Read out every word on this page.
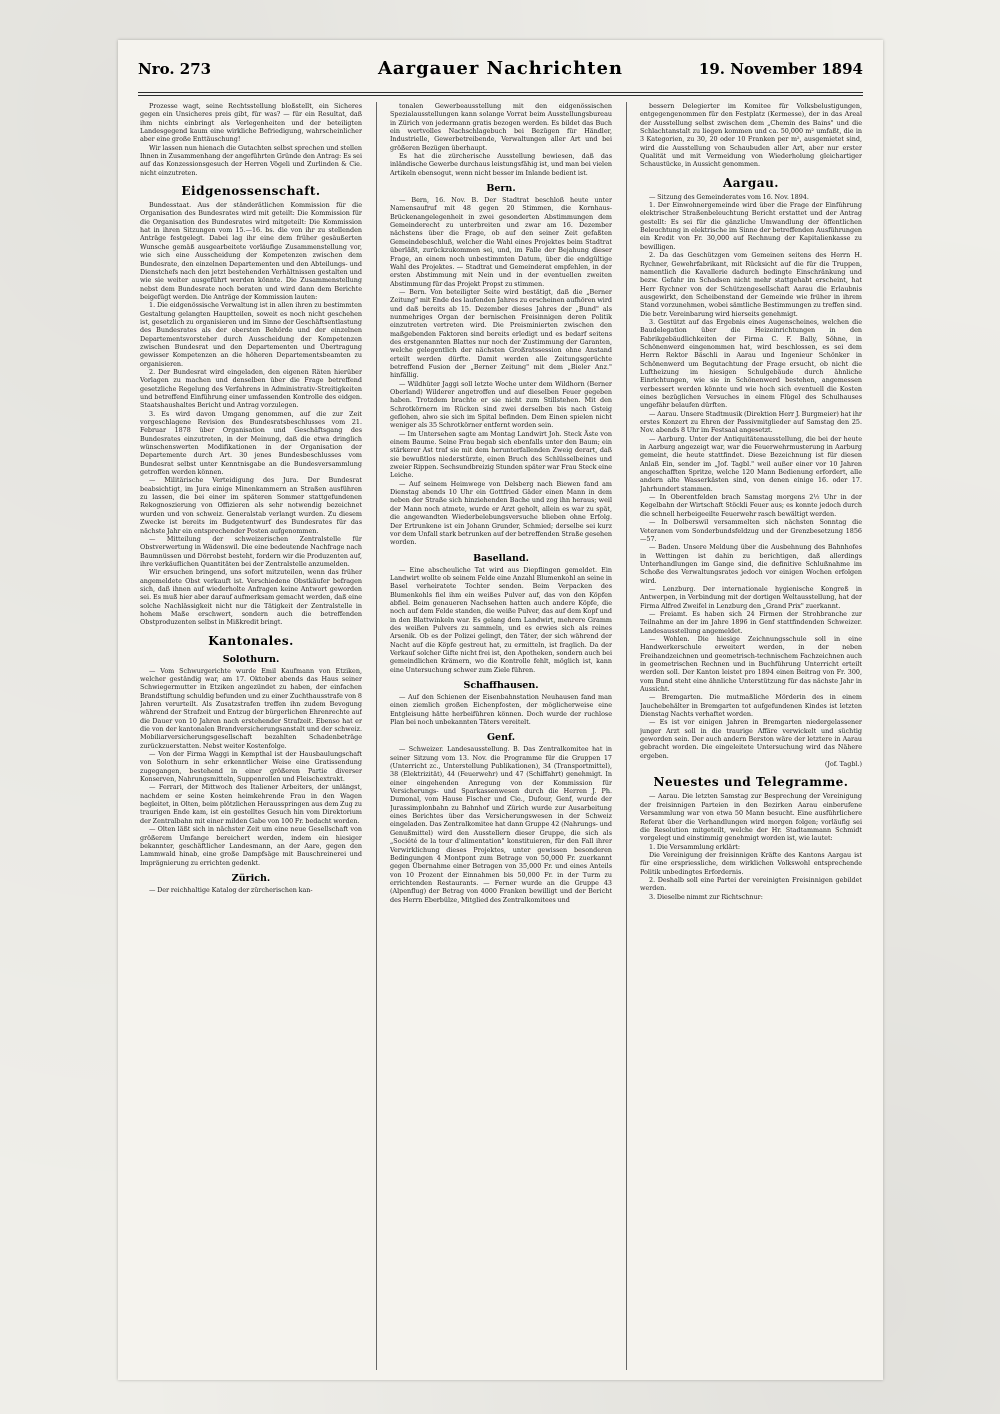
Nro. 273	Aargauer Nachrichten	19. November 1894

Prozesse wagt, seine Rechtsstellung bloßstellt, ein Sicheres gegen ein Unsicheres preis gibt, für was? — für ein Resultat, daß ihm nichts einbringt als Verlegenheiten und der beteiligten Landesgegend kaum eine wirkliche Befriedigung, wahrscheinlicher aber eine große Enttäuschung!

Wir lassen nun hienach die Gutachten selbst sprechen und stellen Ihnen in Zusammenhang der angeführten Gründe den Antrag: Es sei auf das Konzessionsgesuch der Herren Vögeli und Zurlinden & Cie. nicht einzutreten.

Eidgenossenschaft.

Bundesstaat. Aus der ständerätlichen Kommission für die Organisation des Bundesrates wird mit geteilt: Die Kommission für die Organisation des Bundesrates wird mitgeteilt: Die Kommission hat in ihren Sitzungen vom 15.—16. bs. die von ihr zu stellenden Anträge festgelegt. Dabei lag ihr eine dem früher gesäußerten Wunsche gemäß ausgearbeitete vorläufige Zusammenstellung vor, wie sich eine Ausscheidung der Kompetenzen zwischen dem Bundesrate, den einzelnen Departementen und den Abteilungs- und Dienstchefs nach den jetzt bestehenden Verhältnissen gestalten und wie sie weiter ausgeführt werden könnte. Die Zusammenstellung nebst dem Bundesrate noch beraten und wird dann dem Berichte beigefügt werden. Die Anträge der Kommission lauten:

1. Die eidgenössische Verwaltung ist in allen ihren zu bestimmten Gestaltung gelangten Hauptteilen, soweit es noch nicht geschehen ist, gesetzlich zu organisieren und im Sinne der Geschäftsentlastung des Bundesrates als der obersten Behörde und der einzelnen Departementsvorsteher durch Ausscheidung der Kompetenzen zwischen Bundesrat und den Departementen und Übertragung gewisser Kompetenzen an die höheren Departementsbeamten zu organisieren.

2. Der Bundesrat wird eingeladen, den eigenen Räten hierüber Vorlagen zu machen und denselben über die Frage betreffend gesetzliche Regelung des Verfahrens in Administrativ-Streitigkeiten und betreffend Einführung einer umfassenden Kontrolle des eidgen. Staatshaushaltes Bericht und Antrag vorzulegen.

3. Es wird davon Umgang genommen, auf die zur Zeit vorgeschlagene Revision des Bundesratsbeschlusses vom 21. Februar 1878 über Organisation und Geschäftsgang des Bundesrates einzutreten, in der Meinung, daß die etwa dringlich wünschenswerten Modifikationen in der Organisation der Departemente durch Art. 30 jenes Bundesbeschlusses vom Bundesrat selbst unter Kenntnisgabe an die Bundesversammlung getroffen werden können.

— Militärische Verteidigung des Jura. Der Bundesrat beabsichtigt, im Jura einige Minenkammern an Straßen ausführen zu lassen, die bei einer im späteren Sommer stattgefundenen Rekognoszierung von Offizieren als sehr notwendig bezeichnet wurden und von schweiz. Generalstab verlangt wurden. Zu diesem Zwecke ist bereits im Budgetentwurf des Bundesrates für das nächste Jahr ein entsprechender Posten aufgenommen.

— Mitteilung der schweizerischen Zentralstelle für Obstverwertung in Wädenswil. Die eine bedeutende Nachfrage nach Baumnüssen und Dörrobst besteht, fordern wir die Produzenten auf, ihre verkäuflichen Quantitäten bei der Zentralstelle anzumelden.

Wir ersuchen bringend, uns sofort mitzuteilen, wenn das früher angemeldete Obst verkauft ist. Verschiedene Obstkäufer befragen sich, daß ihnen auf wiederholte Anfragen keine Antwort geworden sei. Es muß hier aber darauf aufmerksam gemacht werden, daß eine solche Nachlässigkeit nicht nur die Tätigkeit der Zentralstelle in hohem Maße erschwert, sondern auch die betreffenden Obstproduzenten selbst in Mißkredit bringt.

Kantonales.
Solothurn.

— Vom Schwurgerichte wurde Emil Kaufmann von Etziken, welcher geständig war, am 17. Oktober abends das Haus seiner Schwiegermutter in Etziken angezündet zu haben, der einfachen Brandstiftung schuldig befunden und zu einer Zuchthausstrafe von 8 Jahren verurteilt. Als Zusatzstrafen treffen ihn zudem Bevogung während der Strafzeit und Entzug der bürgerlichen Ehrenrechte auf die Dauer von 10 Jahren nach erstehender Strafzeit. Ebenso hat er die von der kantonalen Brandversicherungsanstalt und der schweiz. Mobiliarversicherungsgesellschaft bezahlten Schadenbeträge zurückzuerstatten. Nebst weiter Kostenfolge.

— Von der Firma Waggi in Kempthal ist der Hausbaulungschaft von Solothurn in sehr erkenntlicher Weise eine Gratissendung zugegangen, bestehend in einer größeren Partie diverser Konserven, Nahrungsmitteln, Suppenrollen und Fleischextrakt.

— Ferrari, der Mittwoch des Italiener Arbeiters, der unlängst, nachdem er seine Kosten heimkehrende Frau in den Wagen begleitet, in Olten, beim plötzlichen Herausspringen aus dem Zug zu traurigen Ende kam, ist ein gestelltes Gesuch hin vom Direktorium der Zentralbahn mit einer milden Gabe von 100 Fr. bedacht worden.

— Olten läßt sich in nächster Zeit um eine neue Gesellschaft von größerem Umfange bereichert werden, indem ein hiesiger bekannter, geschäftlicher Landesmann, an der Aare, gegen den Lammwald hinab, eine große Dampfsäge mit Bauschreinerei und Imprägnierung zu errichten gedenkt.

Zürich.

— Der reichhaltige Katalog der zürcherischen kan-

tonalen Gewerbeausstellung mit den eidgenössischen Spezialausstellungen kann solange Vorrat beim Ausstellungsbureau in Zürich von jedermann gratis bezogen werden. Es bildet das Buch ein wertvolles Nachschlagebuch bei Bezügen für Händler, Industrielle, Gewerbetreibende, Verwaltungen aller Art und bei größeren Bezügen überhaupt.

Es hat die zürcherische Ausstellung bewiesen, daß das inländische Gewerbe durchaus leistungsfähig ist, und man bei vielen Artikeln ebensogut, wenn nicht besser im Inlande bedient ist.

Bern.

— Bern, 16. Nov. B. Der Stadtrat beschloß heute unter Namensaufruf mit 48 gegen 20 Stimmen, die Kornhaus-Brückenangelegenheit in zwei gesonderten Abstimmungen dem Gemeinderecht zu unterbreiten und zwar am 16. Dezember nächstens über die Frage, ob auf den seiner Zeit gefaßten Gemeindebeschluß, welcher die Wahl eines Projektes beim Stadtrat überläßt, zurückzukommen sei, und, im Falle der Bejahung dieser Frage, an einem noch unbestimmten Datum, über die endgültige Wahl des Projektes. — Stadtrat und Gemeinderat empfehlen, in der ersten Abstimmung mit Nein und in der eventuellen zweiten Abstimmung für das Projekt Propst zu stimmen.

— Bern. Von beteiligter Seite wird bestätigt, daß die „Berner Zeitung" mit Ende des laufenden Jahres zu erscheinen aufhören wird und daß bereits ab 15. Dezember dieses Jahres der „Bund" als nunmehriges Organ der bernischen Freisinnigen deren Politik einzutreten vertreten wird. Die Preisminierten zwischen den maßgebenden Faktoren sind bereits erledigt und es bedarf seitens des erstgenannten Blattes nur noch der Zustimmung der Garanten, welche gelegentlich der nächsten Großratssession ohne Anstand erteilt werden dürfte. Damit werden alle Zeitungsgerüchte betreffend Fusion der „Berner Zeitung" mit dem „Bieler Anz." hinfällig.

— Wildhüter Jaggi soll letzte Woche unter dem Wildhorn (Berner Oberland) Wilderer angetroffen und auf dieselben Feuer gegeben haben. Trotzdem brachte er sie nicht zum Stillstehen. Mit den Schrotkörnern im Rücken sind zwei derselben bis nach Gsteig geflohen, alwo sie sich im Spital befinden. Dem Einen spielen nicht weniger als 35 Schrotkörner entfernt worden sein.

— Im Untersehen sagte am Montag Landwirt Joh. Steck Äste von einem Baume. Seine Frau begab sich ebenfalls unter den Baum; ein stärkerer Ast traf sie mit dem herunterfallenden Zweig derart, daß sie bewußtlos niederstürzte, einen Bruch des Schlüsselbeines und zweier Rippen. Sechsundbreizig Stunden später war Frau Steck eine Leiche.

— Auf seinem Heimwege von Delsberg nach Biewen fand am Dienstag abends 10 Uhr ein Gottfried Gäder einen Mann in dem neben der Straße sich hinziehenden Bache und zog ihn heraus; weil der Mann noch atmete, wurde er Arzt geholt, allein es war zu spät, die angewandten Wiederbelebungsversuche blieben ohne Erfolg. Der Ertrunkene ist ein Johann Grunder, Schmied; derselbe sei kurz vor dem Unfall stark betrunken auf der betreffenden Straße gesehen worden.

Baselland.

— Eine abscheuliche Tat wird aus Diepflingen gemeldet. Ein Landwirt wollte ob seinem Felde eine Anzahl Blumenkohl an seine in Basel verheiratete Tochter senden. Beim Verpacken des Blumenkohls fiel ihm ein weißes Pulver auf, das von den Köpfen abfiel. Beim genaueren Nachsehen hatten auch andere Köpfe, die noch auf dem Felde standen, die weiße Pulver, das auf dem Kopf und in den Blattwinkeln war. Es gelang dem Landwirt, mehrere Gramm des weißen Pulvers zu sammeln, und es erwies sich als reines Arsenik. Ob es der Polizei gelingt, den Täter, der sich während der Nacht auf die Köpfe gestreut hat, zu ermitteln, ist fraglich. Da der Verkauf solcher Gifte nicht frei ist, den Apotheken, sondern auch bei gemeindlichen Krämern, wo die Kontrolle fehlt, möglich ist, kann eine Untersuchung schwer zum Ziele führen.

Schaffhausen.

— Auf den Schienen der Eisenbahnstation Neuhausen fand man einen ziemlich großen Eichenpfosten, der möglicherweise eine Entgleisung hätte herbeiführen können. Doch wurde der ruchlose Plan bei noch unbekannten Täters vereitelt.

Genf.

— Schweizer. Landesausstellung. B. Das Zentralkomitee hat in seiner Sitzung vom 13. Nov. die Programme für die Gruppen 17 (Unterricht zc., Unterstellung Publikationen), 34 (Transportmittel), 38 (Elektrizität), 44 (Feuerwehr) und 47 (Schiffahrt) genehmigt. In einer eingehenden Anregung von der Kommission für Versicherungs- und Sparkassenwesen durch die Herren J. Ph. Dumonal, vom Hause Fischer und Cie., Dufour, Genf, wurde der Jurassimplonbahn zu Bahnhof und Zürich wurde zur Ausarbeitung eines Berichtes über das Versicherungswesen in der Schweiz eingeladen. Das Zentralkomitee hat dann Gruppe 42 (Nahrungs- und Genußmittel) wird den Ausstellern dieser Gruppe, die sich als „Société de la tour d'alimentation" konstituieren, für den Fall ihrer Verwirklichung dieses Projektes, unter gewissen besonderen Bedingungen 4 Montpont zum Betrage von 50,000 Fr. zuerkannt gegen Übernahme einer Betragen von 35,000 Fr. und eines Anteils von 10 Prozent der Einnahmen bis 50,000 Fr. in der Turm zu errichtenden Restaurants. — Ferner wurde an die Gruppe 43 (Alpenflug) der Betrag von 4000 Franken bewilligt und der Bericht des Herrn Eberbülze, Mitglied des Zentralkomitees und

bessern Delegierter im Komitee für Volksbelustigungen, entgegengenommen für den Festplatz (Kermesse), der in das Areal der Ausstellung selbst zwischen dem „Chemin des Bains" und die Schlachtanstalt zu liegen kommen und ca. 50,000 m² umfaßt, die in 3 Kategorien, zu 30, 20 oder 10 Franken per m², ausgemietet sind, wird die Ausstellung von Schaubuden aller Art, aber nur erster Qualität und mit Vermeidung von Wiederholung gleichartiger Schaustücke, in Aussicht genommen.

Aargau.

— Sitzung des Gemeinderates vom 16. Nov. 1894.

1. Der Einwohnergemeinde wird über die Frage der Einführung elektrischer Straßenbeleuchtung Bericht erstattet und der Antrag gestellt: Es sei für die gänzliche Umwandlung der öffentlichen Beleuchtung in elektrische im Sinne der betreffenden Ausführungen ein Kredit von Fr. 30,000 auf Rechnung der Kapitalienkasse zu bewilligen.

2. Da das Geschützgen vom Gemeinen seitens des Herrn H. Rychner, Gewehrfabrikant, mit Rücksicht auf die für die Truppen, namentlich die Kavallerie dadurch bedingte Einschränkung und bezw. Gefahr im Schadsen nicht mehr stattgehabt erscheint, hat Herr Rychner von der Schützengesellschaft Aarau die Erlaubnis ausgewirkt, den Scheibenstand der Gemeinde wie früher in ihrem Stand vorzunehmen, wobei sämtliche Bestimmungen zu treffen sind. Die betr. Vereinbarung wird hierseits genehmigt.

3. Gestützt auf das Ergebnis eines Augenscheines, welchen die Baudelegation über die Heizeinrichtungen in den Fabrikgebäudlichkeiten der Firma C. F. Bally, Söhne, in Schönenwerd eingenommen hat, wird beschlossen, es sei dem Herrn Rektor Bäschli in Aarau und Ingenieur Schönker in Schönenwerd um Begutachtung der Frage ersucht, ob nicht die Luftheizung im hiesigen Schulgebäude durch ähnliche Einrichtungen, wie sie in Schönenwerd bestehen, angemessen verbessert werden könnte und wie hoch sich eventuell die Kosten eines bezüglichen Versuches in einem Flügel des Schulhauses ungefähr belaufen dürften.

— Aarau. Unsere Stadtmusik (Direktion Herr J. Burgmeier) hat ihr erstes Konzert zu Ehren der Passivmitglieder auf Samstag den 25. Nov. abends 8 Uhr im Festsaal angesetzt.

— Aarburg. Unter der Antiquitätenausstellung, die bei der heute in Aarburg angezeigt war, war die Feuerwehrmusterung in Aarburg gemeint, die heute stattfindet. Diese Bezeichnung ist für diesen Anlaß Ein, sender im „Jof. Tagbl." weil außer einer vor 10 Jahren angeschafften Spritze, welche 120 Mann Bedienung erfordert, alle andern alte Wasserkästen sind, von denen einige 16. oder 17. Jahrhundert stammen.

— In Oberentfelden brach Samstag morgens 2½ Uhr in der Kegelbahn der Wirtschaft Stöckli Feuer aus; es konnte jedoch durch die schnell herbeigeeilte Feuerwehr rasch bewältigt werden.

— In Dolberswil versammelten sich nächsten Sonntag die Veteranen vom Sonderbundsfeldzug und der Grenzbesetzung 1856—57.

— Baden. Unsere Meldung über die Ausbehnung des Bahnhofes in Wettingen ist dahin zu berichtigen, daß allerdings Unterhandlungen im Gange sind, die definitive Schlußnahme im Schoße des Verwaltungsrates jedoch vor einigen Wochen erfolgen wird.

— Lenzburg. Der internationale hygienische Kongreß in Antwerpen, in Verbindung mit der dortigen Weltausstellung, hat der Firma Alfred Zweifel in Lenzburg den „Grand Prix" zuerkannt.

— Freiamt. Es haben sich 24 Firmen der Strohbranche zur Teilnahme an der im Jahre 1896 in Genf stattfindenden Schweizer. Landesausstellung angemeldet.

— Wohlen. Die hiesige Zeichnungsschule soll in eine Handwerkerschule erweitert werden, in der neben Freihandzeichnen und geometrisch-technischem Fachzeichnen auch in geometrischen Rechnen und in Buchführung Unterricht erteilt werden soll. Der Kanton leistet pro 1894 einen Beitrag von Fr. 300, vom Bund steht eine ähnliche Unterstützung für das nächste Jahr in Aussicht.

— Bremgarten. Die mutmaßliche Mörderin des in einem Jauchebehälter in Bremgarten tot aufgefundenen Kindes ist letzten Dienstag Nachts verhaftet worden.

— Es ist vor einigen Jahren in Bremgarten niedergelassener junger Arzt soll in die traurige Affäre verwickelt und süchtig geworden sein. Der auch andern Berston wäre der letztere in Aarau gebracht worden. Die eingeleitete Untersuchung wird das Nähere ergeben.

(Jof. Tagbl.)

Neuestes und Telegramme.

— Aarau. Die letzten Samstag zur Besprechung der Vereinigung der freisinnigen Parteien in den Bezirken Aarau einberufene Versammlung war von etwa 50 Mann besucht. Eine ausführlichere Referat über die Verhandlungen wird morgen folgen; vorläufig sei die Resolution mitgeteilt, welche der Hr. Stadtammann Schmidt vorgelegt und einstimmig genehmigt worden ist, wie lautet:

1. Die Versammlung erklärt:

Die Vereinigung der freisinnigen Kräfte des Kantons Aargau ist für eine erspriessliche, dem wirklichen Volkswohl entsprechende Politik unbedingtes Erfordernis.

2. Deshalb soll eine Partei der vereinigten Freisinnigen gebildet werden.

3. Dieselbe nimmt zur Richtschnur:
